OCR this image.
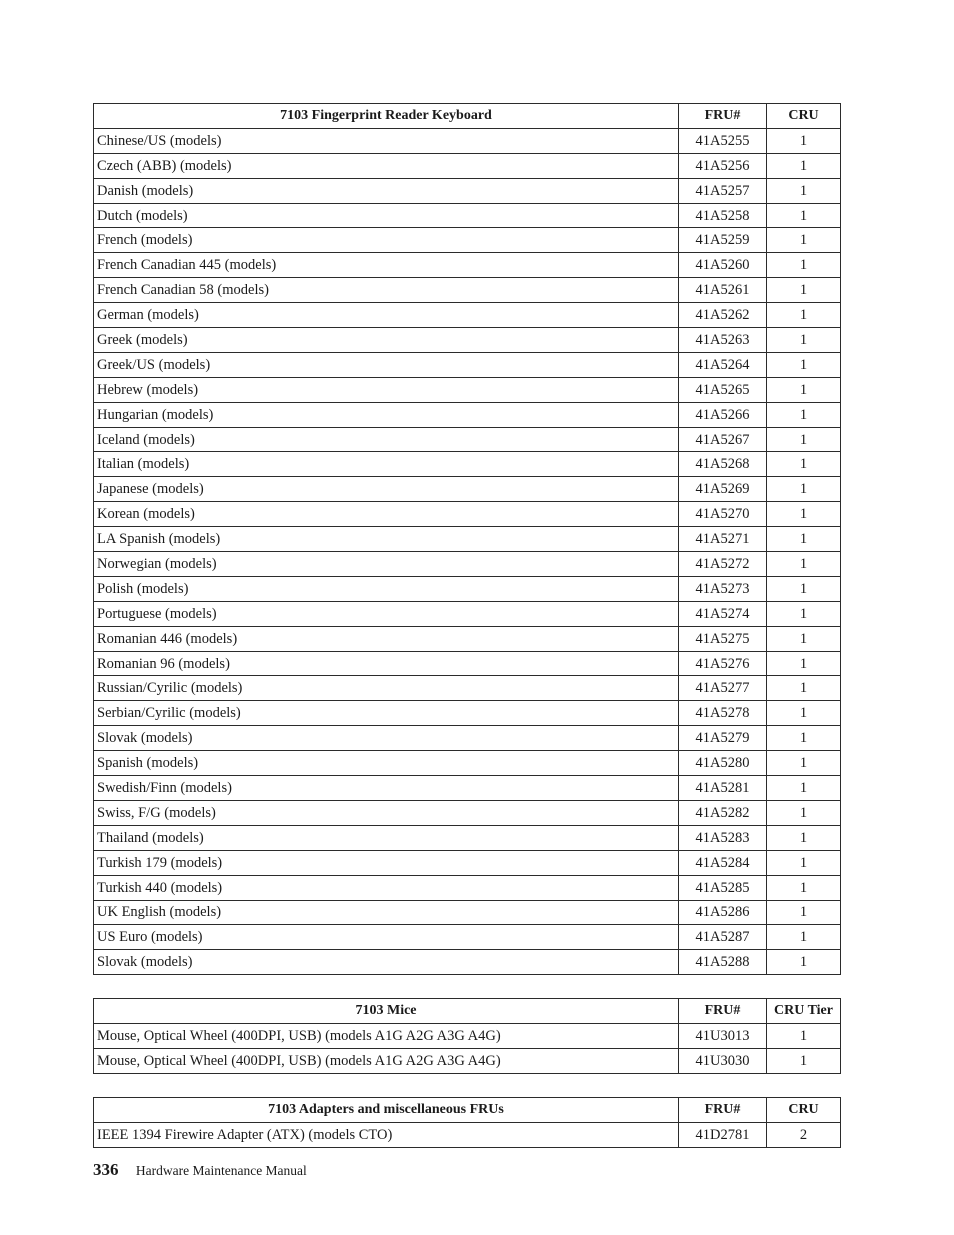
7103 Fingerprint Reader Keyboard	FRU#	CRU
Chinese/US (models)	41A5255	1
Czech (ABB) (models)	41A5256	1
Danish (models)	41A5257	1
Dutch (models)	41A5258	1
French (models)	41A5259	1
French Canadian 445 (models)	41A5260	1
French Canadian 58 (models)	41A5261	1
German (models)	41A5262	1
Greek (models)	41A5263	1
Greek/US (models)	41A5264	1
Hebrew (models)	41A5265	1
Hungarian (models)	41A5266	1
Iceland (models)	41A5267	1
Italian (models)	41A5268	1
Japanese (models)	41A5269	1
Korean (models)	41A5270	1
LA Spanish (models)	41A5271	1
Norwegian (models)	41A5272	1
Polish (models)	41A5273	1
Portuguese (models)	41A5274	1
Romanian 446 (models)	41A5275	1
Romanian 96 (models)	41A5276	1
Russian/Cyrilic (models)	41A5277	1
Serbian/Cyrilic (models)	41A5278	1
Slovak (models)	41A5279	1
Spanish (models)	41A5280	1
Swedish/Finn (models)	41A5281	1
Swiss, F/G (models)	41A5282	1
Thailand (models)	41A5283	1
Turkish 179 (models)	41A5284	1
Turkish 440 (models)	41A5285	1
UK English (models)	41A5286	1
US Euro (models)	41A5287	1
Slovak (models)	41A5288	1
7103 Mice	FRU#	CRU Tier
Mouse, Optical Wheel (400DPI, USB) (models A1G A2G A3G A4G)	41U3013	1
Mouse, Optical Wheel (400DPI, USB) (models A1G A2G A3G A4G)	41U3030	1
7103 Adapters and miscellaneous FRUs	FRU#	CRU
IEEE 1394 Firewire Adapter (ATX) (models CTO)	41D2781	2
336 Hardware Maintenance Manual
